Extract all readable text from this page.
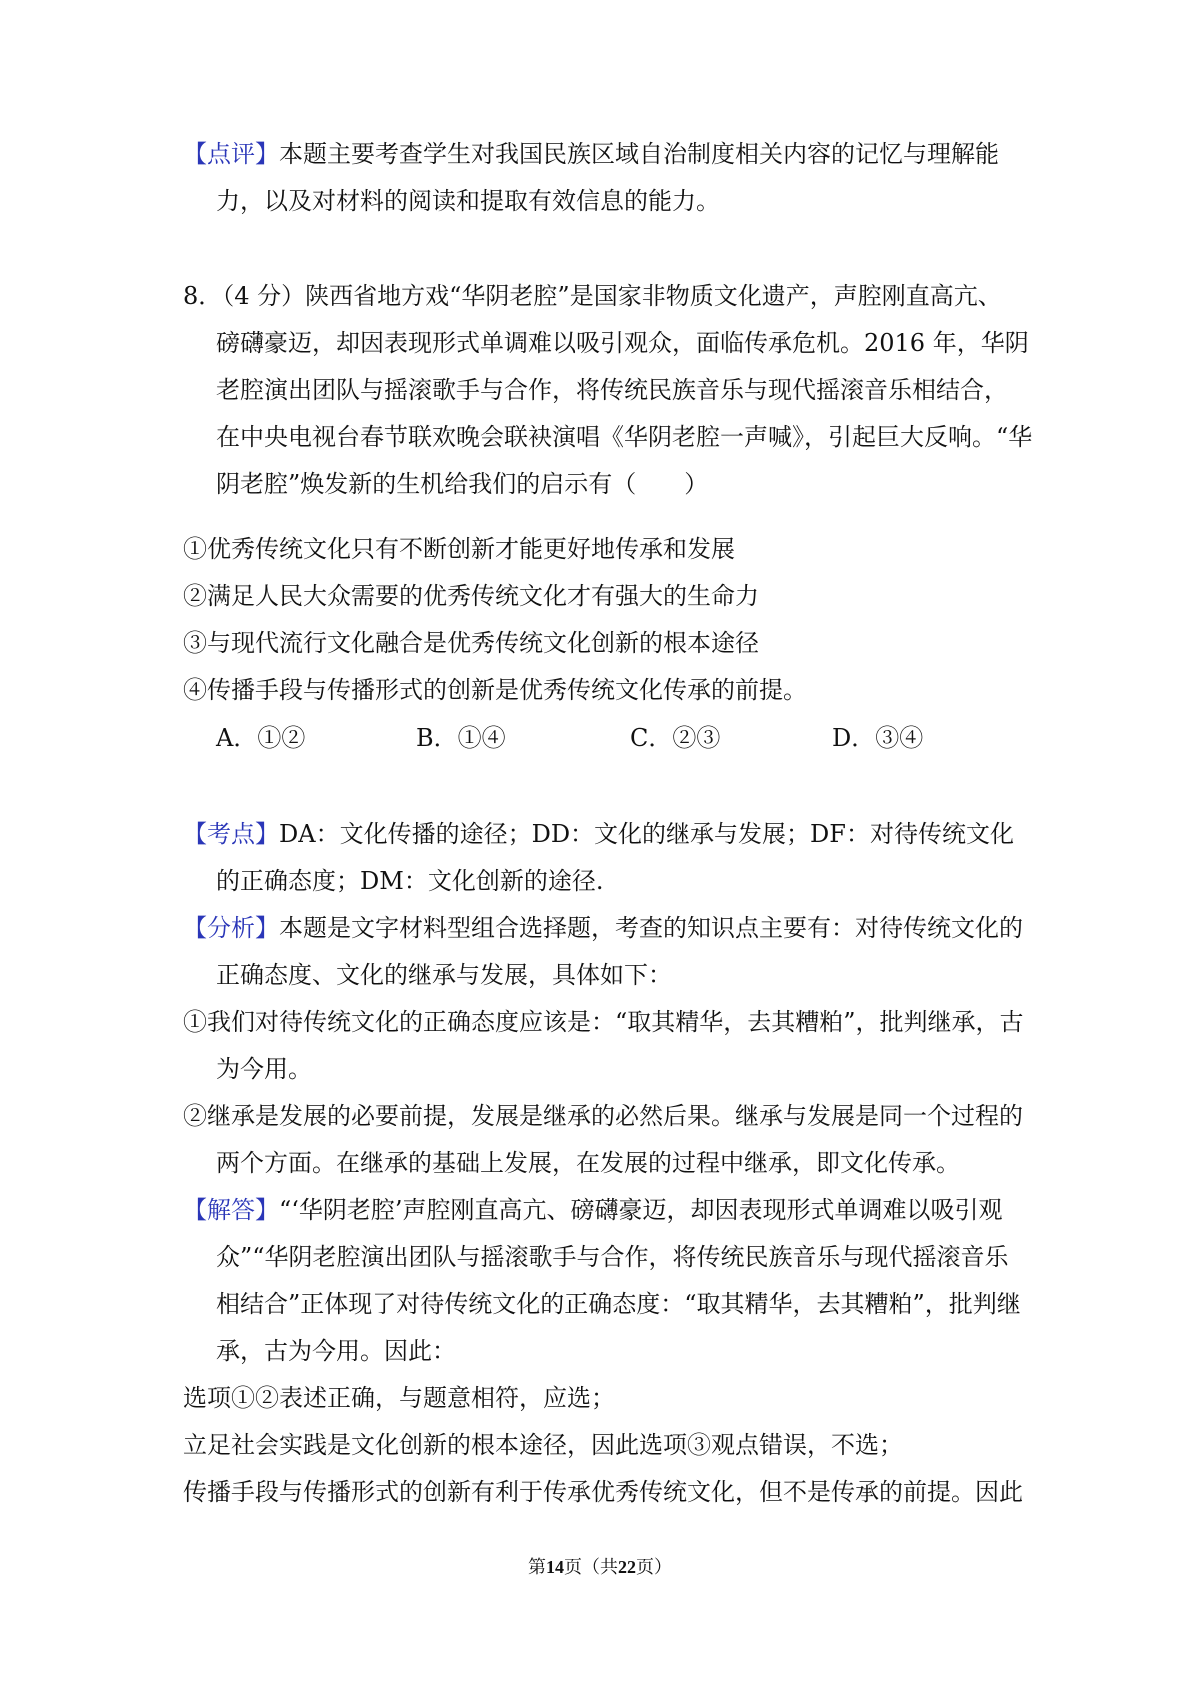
【点评】本题主要考查学生对我国民族区域自治制度相关内容的记忆与理解能
力，以及对材料的阅读和提取有效信息的能力。
8．（4 分）陕西省地方戏“华阴老腔”是国家非物质文化遗产，声腔刚直高亢、
磅礴豪迈，却因表现形式单调难以吸引观众，面临传承危机。2016 年，华阴
老腔演出团队与摇滚歌手与合作，将传统民族音乐与现代摇滚音乐相结合，
在中央电视台春节联欢晚会联袂演唱《华阴老腔一声喊》，引起巨大反响。“华
阴老腔”焕发新的生机给我们的启示有（　　）
①优秀传统文化只有不断创新才能更好地传承和发展
②满足人民大众需要的优秀传统文化才有强大的生命力
③与现代流行文化融合是优秀传统文化创新的根本途径
④传播手段与传播形式的创新是优秀传统文化传承的前提。
A．①②	B．①④	C．②③	D．③④
【考点】DA：文化传播的途径；DD：文化的继承与发展；DF：对待传统文化
的正确态度；DM：文化创新的途径.
【分析】本题是文字材料型组合选择题，考查的知识点主要有：对待传统文化的
正确态度、文化的继承与发展，具体如下：
①我们对待传统文化的正确态度应该是：“取其精华，去其糟粕”，批判继承，古
为今用。
②继承是发展的必要前提，发展是继承的必然后果。继承与发展是同一个过程的
两个方面。在继承的基础上发展，在发展的过程中继承，即文化传承。
【解答】“‘华阴老腔’声腔刚直高亢、磅礴豪迈，却因表现形式单调难以吸引观
众”“华阴老腔演出团队与摇滚歌手与合作，将传统民族音乐与现代摇滚音乐
相结合”正体现了对待传统文化的正确态度：“取其精华，去其糟粕”，批判继
承，古为今用。因此：
选项①②表述正确，与题意相符，应选；
立足社会实践是文化创新的根本途径，因此选项③观点错误，不选；
传播手段与传播形式的创新有利于传承优秀传统文化，但不是传承的前提。因此
第14页（共22页）
